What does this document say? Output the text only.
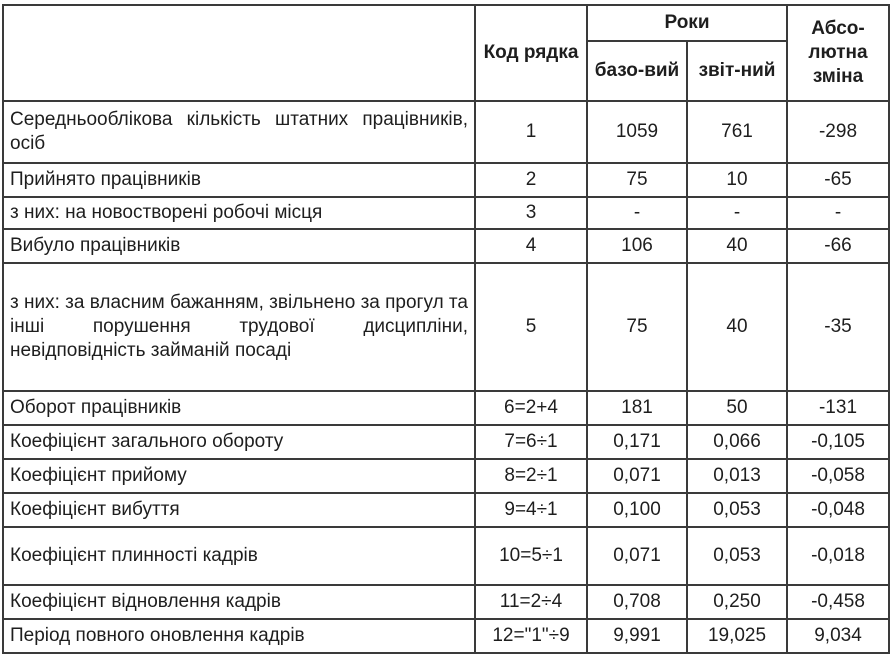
	Код рядка	Роки		Абсо-лютна зміна
		базо-вий	звіт-ний	
Середньооблікова кількість штатних працівників, осіб	1	1059	761	-298
Прийнято працівників	2	75	10	-65
з них: на новостворені робочі місця	3	-	-	-
Вибуло працівників	4	106	40	-66
з них: за власним бажанням, звільнено за прогул та інші порушення трудової дисципліни, невідповідність займаній посаді	5	75	40	-35
Оборот працівників	6=2+4	181	50	-131
Коефіцієнт загального обороту	7=6÷1	0,171	0,066	-0,105
Коефіцієнт прийому	8=2÷1	0,071	0,013	-0,058
Коефіцієнт вибуття	9=4÷1	0,100	0,053	-0,048
Коефіцієнт плинності кадрів	10=5÷1	0,071	0,053	-0,018
Коефіцієнт відновлення кадрів	11=2÷4	0,708	0,250	-0,458
Період повного оновлення кадрів	12="1"÷9	9,991	19,025	9,034
